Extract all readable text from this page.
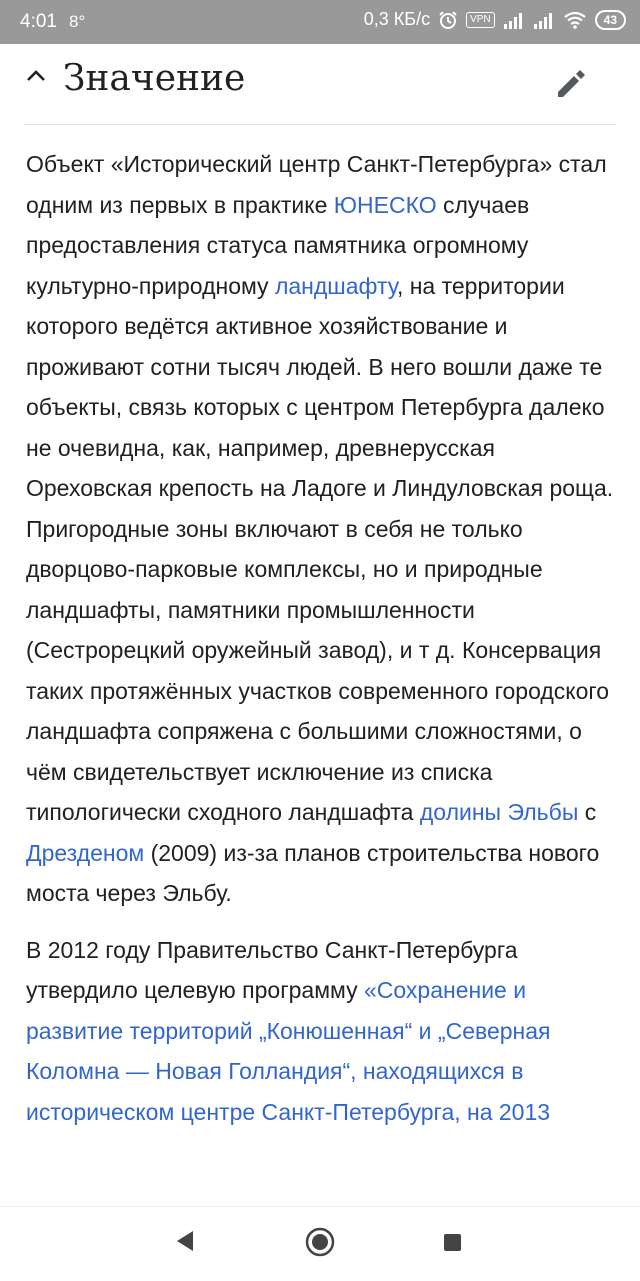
4:01 8°	0,3 КБ/с	VPN	43
Значение

Объект «Исторический центр Санкт-Петербурга» стал одним из первых в практике ЮНЕСКО случаев предоставления статуса памятника огромному культурно-природному ландшафту, на территории которого ведётся активное хозяйствование и проживают сотни тысяч людей. В него вошли даже те объекты, связь которых с центром Петербурга далеко не очевидна, как, например, древнерусская Ореховская крепость на Ладоге и Линдуловская роща. Пригородные зоны включают в себя не только дворцово-парковые комплексы, но и природные ландшафты, памятники промышленности (Сестрорецкий оружейный завод), и т д. Консервация таких протяжённых участков современного городского ландшафта сопряжена с большими сложностями, о чём свидетельствует исключение из списка типологически сходного ландшафта долины Эльбы с Дрезденом (2009) из-за планов строительства нового моста через Эльбу.

В 2012 году Правительство Санкт-Петербурга утвердило целевую программу «Сохранение и развитие территорий „Конюшенная“ и „Северная Коломна — Новая Голландия“, находящихся в историческом центре Санкт-Петербурга, на 2013
